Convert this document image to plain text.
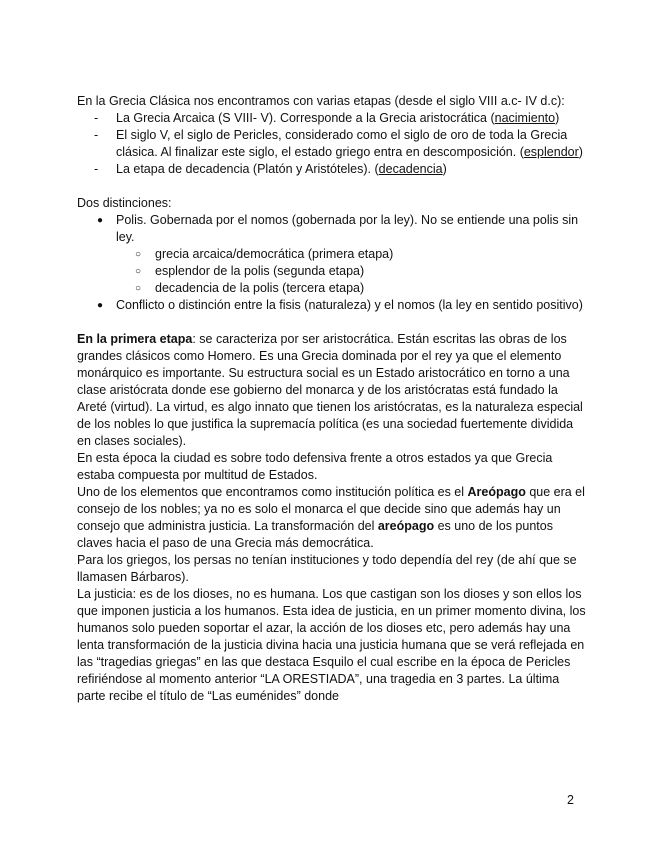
En la Grecia Clásica nos encontramos con varias etapas (desde el siglo VIII a.c- IV d.c):

- La Grecia Arcaica (S VIII- V). Corresponde a la Grecia aristocrática (nacimiento)
- El siglo V, el siglo de Pericles, considerado como el siglo de oro de toda la Grecia clásica. Al finalizar este siglo, el estado griego entra en descomposición. (esplendor)
- La etapa de decadencia (Platón y Aristóteles). (decadencia)

Dos distinciones:

● Polis. Gobernada por el nomos (gobernada por la ley). No se entiende una polis sin ley.
○ grecia arcaica/democrática (primera etapa)
○ esplendor de la polis (segunda etapa)
○ decadencia de la polis (tercera etapa)
● Conflicto o distinción entre la fisis (naturaleza) y el nomos (la ley en sentido positivo)

En la primera etapa: se caracteriza por ser aristocrática. Están escritas las obras de los grandes clásicos como Homero. Es una Grecia dominada por el rey ya que el elemento monárquico es importante. Su estructura social es un Estado aristocrático en torno a una clase aristócrata donde ese gobierno del monarca y de los aristócratas está fundado la Areté (virtud). La virtud, es algo innato que tienen los aristócratas, es la naturaleza especial de los nobles lo que justifica la supremacía política (es una sociedad fuertemente dividida en clases sociales).

En esta época la ciudad es sobre todo defensiva frente a otros estados ya que Grecia estaba compuesta por multitud de Estados.

Uno de los elementos que encontramos como institución política es el Areópago que era el consejo de los nobles; ya no es solo el monarca el que decide sino que además hay un consejo que administra justicia. La transformación del areópago es uno de los puntos claves hacia el paso de una Grecia más democrática.

Para los griegos, los persas no tenían instituciones y todo dependía del rey (de ahí que se llamasen Bárbaros).

La justicia: es de los dioses, no es humana. Los que castigan son los dioses y son ellos los que imponen justicia a los humanos. Esta idea de justicia, en un primer momento divina, los humanos solo pueden soportar el azar, la acción de los dioses etc, pero además hay una lenta transformación de la justicia divina hacia una justicia humana que se verá reflejada en las “tragedias griegas” en las que destaca Esquilo el cual escribe en la época de Pericles refiriéndose al momento anterior “LA ORESTIADA”, una tragedia en 3 partes. La última parte recibe el título de “Las euménides” donde

2
